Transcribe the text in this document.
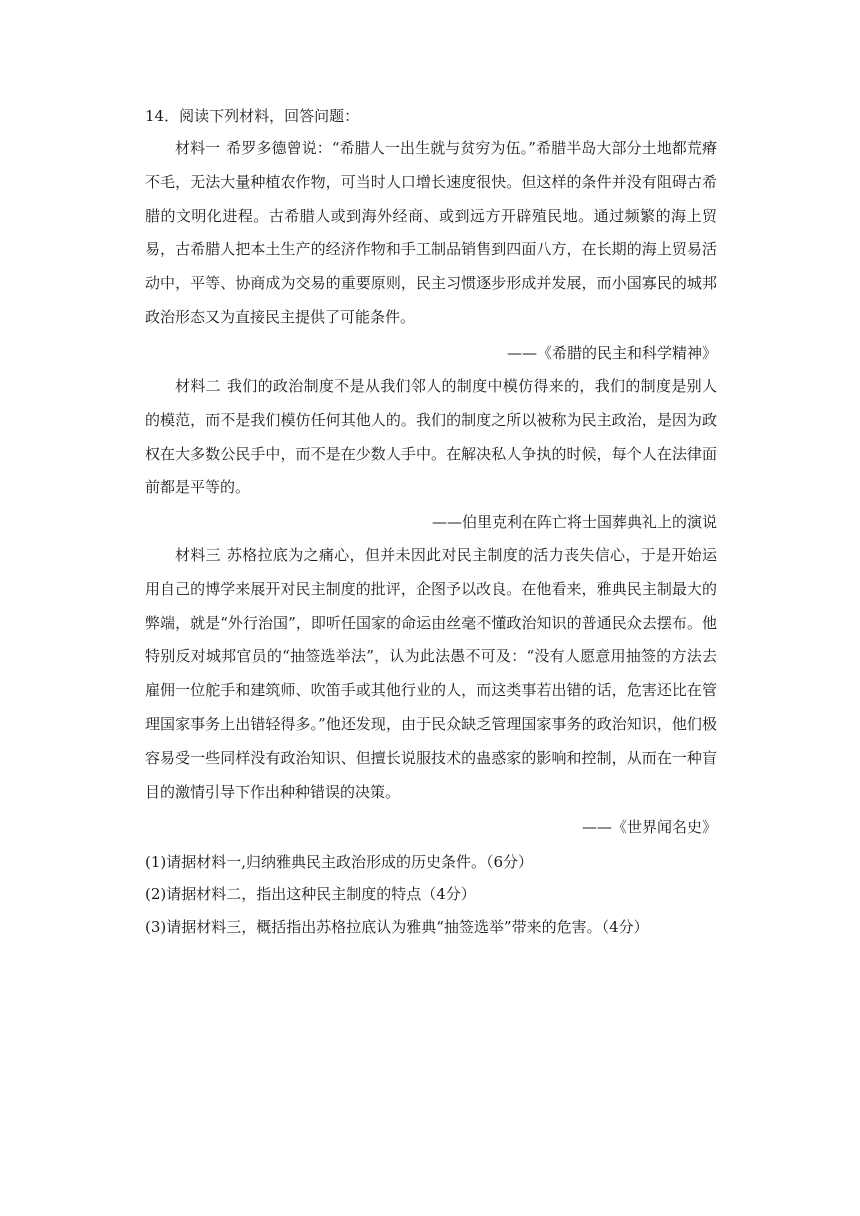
14．阅读下列材料，回答问题：

材料一 希罗多德曾说：“希腊人一出生就与贫穷为伍。”希腊半岛大部分土地都荒瘠不毛，无法大量种植农作物，可当时人口增长速度很快。但这样的条件并没有阻碍古希腊的文明化进程。古希腊人或到海外经商、或到远方开辟殖民地。通过频繁的海上贸易，古希腊人把本土生产的经济作物和手工制品销售到四面八方，在长期的海上贸易活动中，平等、协商成为交易的重要原则，民主习惯逐步形成并发展，而小国寡民的城邦政治形态又为直接民主提供了可能条件。

——《希腊的民主和科学精神》

材料二 我们的政治制度不是从我们邻人的制度中模仿得来的，我们的制度是别人的模范，而不是我们模仿任何其他人的。我们的制度之所以被称为民主政治，是因为政权在大多数公民手中，而不是在少数人手中。在解决私人争执的时候，每个人在法律面前都是平等的。

——伯里克利在阵亡将士国葬典礼上的演说

材料三 苏格拉底为之痛心，但并未因此对民主制度的活力丧失信心，于是开始运用自己的博学来展开对民主制度的批评，企图予以改良。在他看来，雅典民主制最大的弊端，就是“外行治国”，即听任国家的命运由丝毫不懂政治知识的普通民众去摆布。他特别反对城邦官员的“抽签选举法”，认为此法愚不可及：“没有人愿意用抽签的方法去雇佣一位舵手和建筑师、吹笛手或其他行业的人，而这类事若出错的话，危害还比在管理国家事务上出错轻得多。”他还发现，由于民众缺乏管理国家事务的政治知识，他们极容易受一些同样没有政治知识、但擅长说服技术的蛊惑家的影响和控制，从而在一种盲目的激情引导下作出种种错误的决策。

——《世界闻名史》
(1)请据材料一,归纳雅典民主政治形成的历史条件。（6分）
(2)请据材料二，指出这种民主制度的特点（4分）
(3)请据材料三，概括指出苏格拉底认为雅典“抽签选举”带来的危害。（4分）
